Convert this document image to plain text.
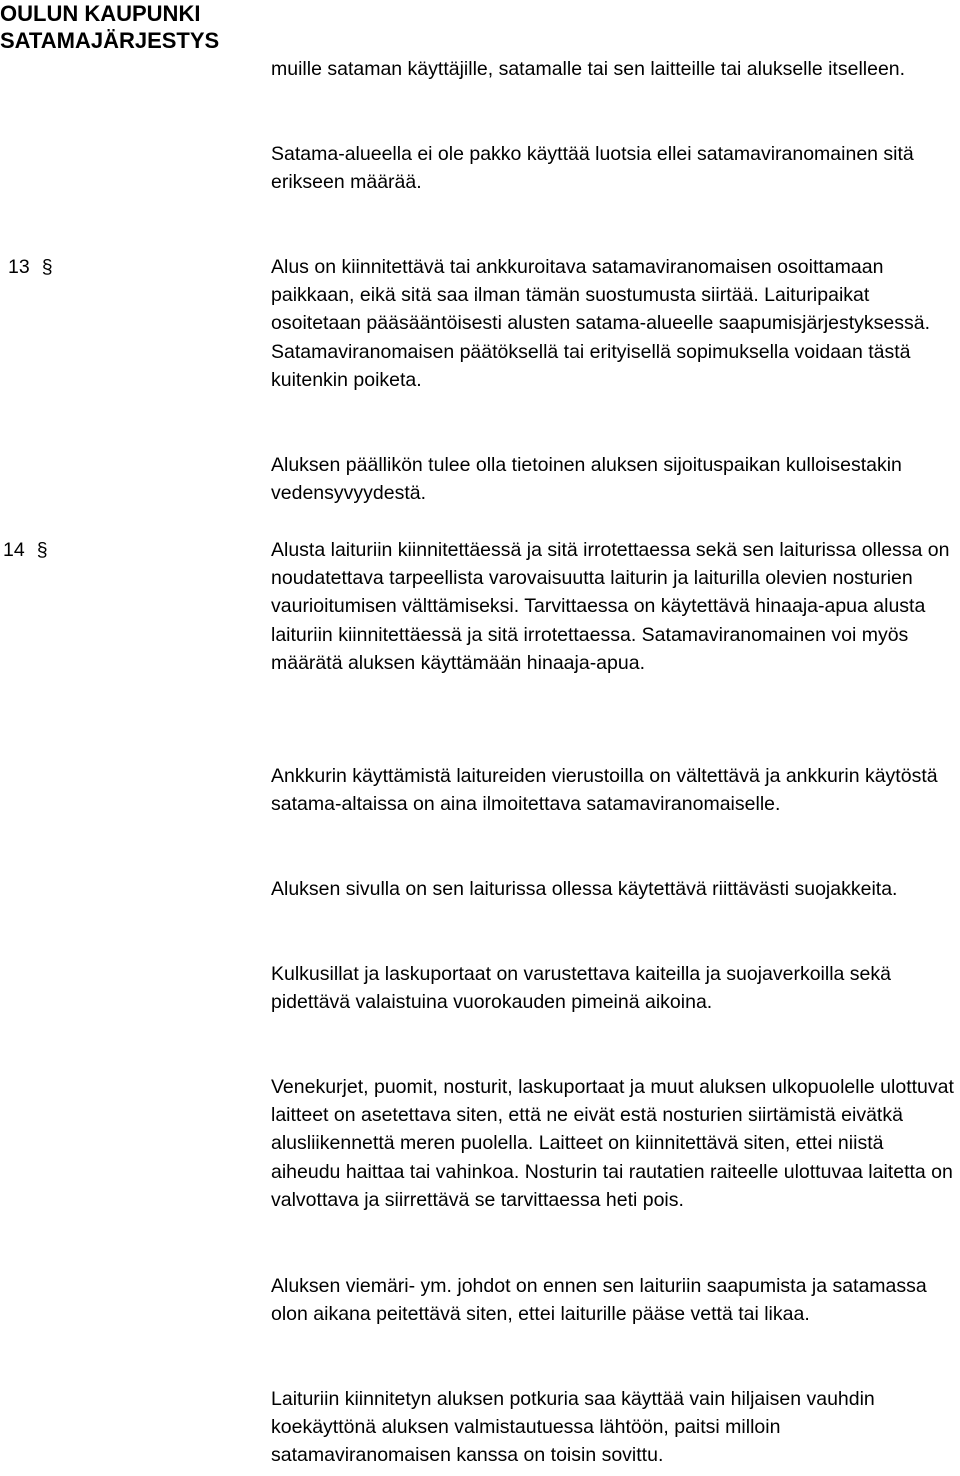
OULUN KAUPUNKI
SATAMAJÄRJESTYS

muille sataman käyttäjille, satamalle tai sen laitteille tai alukselle itselleen.

Satama-alueella ei ole pakko käyttää luotsia ellei satamaviranomainen sitä erikseen määrää.

13 §	Alus on kiinnitettävä tai ankkuroitava satamaviranomaisen osoittamaan paikkaan, eikä sitä saa ilman tämän suostumusta siirtää. Laituripaikat osoitetaan pääsääntöisesti alusten satama-alueelle saapumisjärjestyksessä. Satamaviranomaisen päätöksellä tai erityisellä sopimuksella voidaan tästä kuitenkin poiketa.

Aluksen päällikön tulee olla tietoinen aluksen sijoituspaikan kulloisestakin vedensyvyydestä.

14 §	Alusta laituriin kiinnitettäessä ja sitä irrotettaessa sekä sen laiturissa ollessa on noudatettava tarpeellista varovaisuutta laiturin ja laiturilla olevien nosturien vaurioitumisen välttämiseksi. Tarvittaessa on käytettävä hinaaja-apua alusta laituriin kiinnitettäessä ja sitä irrotettaessa. Satamaviranomainen voi myös määrätä aluksen käyttämään hinaaja-apua.

Ankkurin käyttämistä laitureiden vierustoilla on vältettävä ja ankkurin käytöstä satama-altaissa on aina ilmoitettava satamaviranomaiselle.

Aluksen sivulla on sen laiturissa ollessa käytettävä riittävästi suojakkeita.

Kulkusillat ja laskuportaat on varustettava kaiteilla ja suojaverkoilla sekä pidettävä valaistuina vuorokauden pimeinä aikoina.

Venekurjet, puomit, nosturit, laskuportaat ja muut aluksen ulkopuolelle ulottuvat laitteet on asetettava siten, että ne eivät estä nosturien siirtämistä eivätkä alusliikennettä meren puolella. Laitteet on kiinnitettävä siten, ettei niistä aiheudu haittaa tai vahinkoa. Nosturin tai rautatien raiteelle ulottuvaa laitetta on valvottava ja siirrettävä se tarvittaessa heti pois.

Aluksen viemäri- ym. johdot on ennen sen laituriin saapumista ja satamassa olon aikana peitettävä siten, ettei laiturille pääse vettä tai likaa.

Laituriin kiinnitetyn aluksen potkuria saa käyttää vain hiljaisen vauhdin koekäyttönä aluksen valmistautuessa lähtöön, paitsi milloin satamaviranomaisen kanssa on toisin sovittu.
